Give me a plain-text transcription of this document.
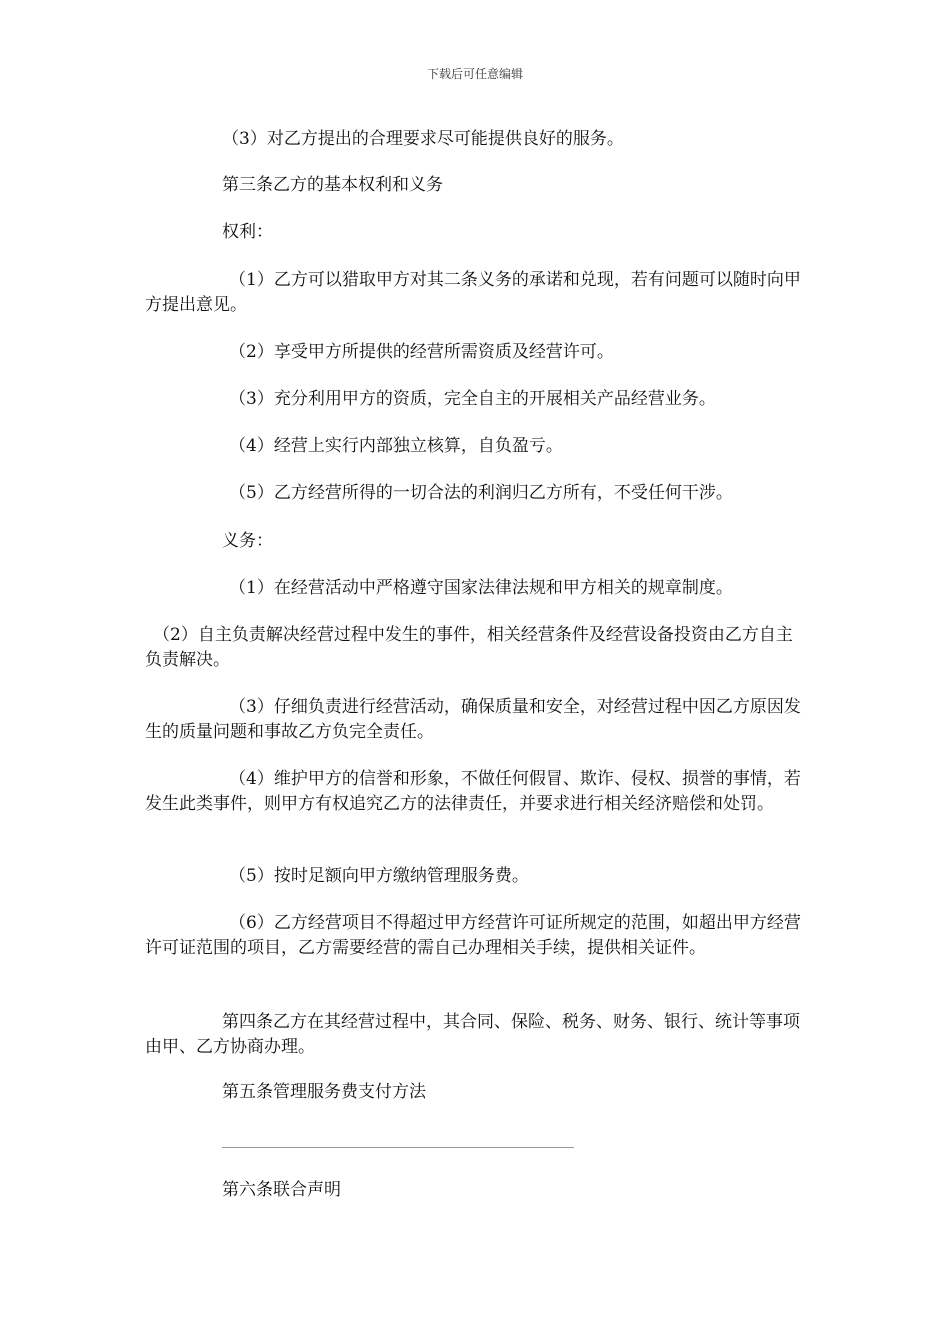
下载后可任意编辑
（3）对乙方提出的合理要求尽可能提供良好的服务。
第三条乙方的基本权利和义务
权利：
（1）乙方可以猎取甲方对其二条义务的承诺和兑现，若有问题可以随时向甲方提出意见。
（2）享受甲方所提供的经营所需资质及经营许可。
（3）充分利用甲方的资质，完全自主的开展相关产品经营业务。
（4）经营上实行内部独立核算，自负盈亏。
（5）乙方经营所得的一切合法的利润归乙方所有，不受任何干涉。
义务：
（1）在经营活动中严格遵守国家法律法规和甲方相关的规章制度。
（2）自主负责解决经营过程中发生的事件，相关经营条件及经营设备投资由乙方自主负责解决。
（3）仔细负责进行经营活动，确保质量和安全，对经营过程中因乙方原因发生的质量问题和事故乙方负完全责任。
（4）维护甲方的信誉和形象，不做任何假冒、欺诈、侵权、损誉的事情，若发生此类事件，则甲方有权追究乙方的法律责任，并要求进行相关经济赔偿和处罚。
（5）按时足额向甲方缴纳管理服务费。
（6）乙方经营项目不得超过甲方经营许可证所规定的范围，如超出甲方经营许可证范围的项目，乙方需要经营的需自己办理相关手续，提供相关证件。
第四条乙方在其经营过程中，其合同、保险、税务、财务、银行、统计等事项由甲、乙方协商办理。
第五条管理服务费支付方法
第六条联合声明
